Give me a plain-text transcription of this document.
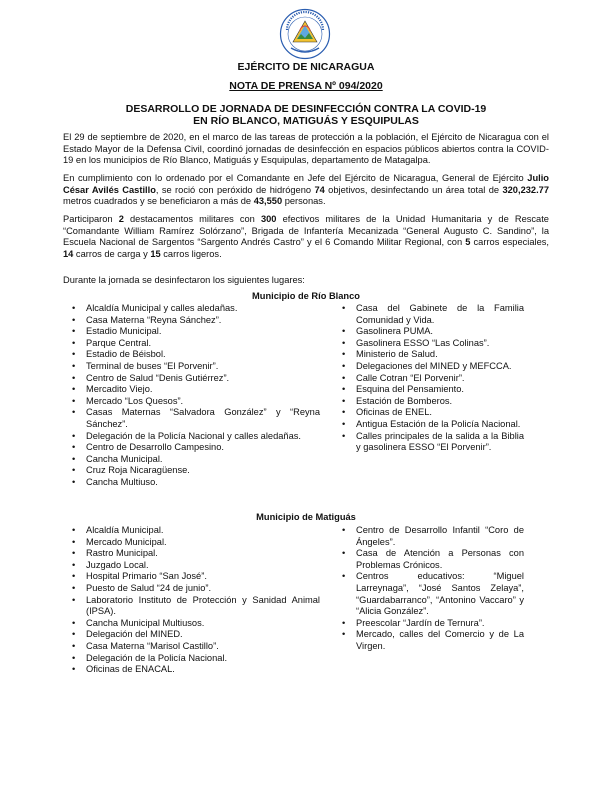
EJÉRCITO DE NICARAGUA
NOTA DE PRENSA Nº 094/2020
DESARROLLO DE JORNADA DE DESINFECCIÓN CONTRA LA COVID-19
EN RÍO BLANCO, MATIGUÁS Y ESQUIPULAS

El 29 de septiembre de 2020, en el marco de las tareas de protección a la población, el Ejército de Nicaragua con el Estado Mayor de la Defensa Civil, coordinó jornadas de desinfección en espacios públicos abiertos contra la COVID-19 en los municipios de Río Blanco, Matiguás y Esquipulas, departamento de Matagalpa.

En cumplimiento con lo ordenado por el Comandante en Jefe del Ejército de Nicaragua, General de Ejército Julio César Avilés Castillo, se roció con peróxido de hidrógeno 74 objetivos, desinfectando un área total de 320,232.77 metros cuadrados y se beneficiaron a más de 43,550 personas.

Participaron 2 destacamentos militares con 300 efectivos militares de la Unidad Humanitaria y de Rescate “Comandante William Ramírez Solórzano”, Brigada de Infantería Mecanizada “General Augusto C. Sandino”, la Escuela Nacional de Sargentos “Sargento Andrés Castro” y el 6 Comando Militar Regional, con 5 carros especiales, 14 carros de carga y 15 carros ligeros.

Durante la jornada se desinfectaron los siguientes lugares:

Municipio de Río Blanco
• Alcaldía Municipal y calles aledañas.
• Casa Materna “Reyna Sánchez”.
• Estadio Municipal.
• Parque Central.
• Estadio de Béisbol.
• Terminal de buses “El Porvenir”.
• Centro de Salud “Denis Gutiérrez”.
• Mercadito Viejo.
• Mercado “Los Quesos”.
• Casas Maternas “Salvadora González” y “Reyna Sánchez”.
• Delegación de la Policía Nacional y calles aledañas.
• Centro de Desarrollo Campesino.
• Cancha Municipal.
• Cruz Roja Nicaragüense.
• Cancha Multiuso.
• Casa del Gabinete de la Familia Comunidad y Vida.
• Gasolinera PUMA.
• Gasolinera ESSO “Las Colinas”.
• Ministerio de Salud.
• Delegaciones del MINED y MEFCCA.
• Calle Cotran “El Porvenir”.
• Esquina del Pensamiento.
• Estación de Bomberos.
• Oficinas de ENEL.
• Antigua Estación de la Policía Nacional.
• Calles principales de la salida a la Biblia y gasolinera ESSO “El Porvenir”.
Municipio de Matiguás
• Alcaldía Municipal.
• Mercado Municipal.
• Rastro Municipal.
• Juzgado Local.
• Hospital Primario “San José”.
• Puesto de Salud “24 de junio”.
• Laboratorio Instituto de Protección y Sanidad Animal (IPSA).
• Cancha Municipal Multiusos.
• Delegación del MINED.
• Casa Materna “Marisol Castillo”.
• Delegación de la Policía Nacional.
• Oficinas de ENACAL.
• Centro de Desarrollo Infantil “Coro de Ángeles”.
• Casa de Atención a Personas con Problemas Crónicos.
• Centros educativos: “Miguel Larreynaga”, “José Santos Zelaya”, “Guardabarranco”, “Antonino Vaccaro” y “Alicia González”.
• Preescolar “Jardín de Ternura”.
• Mercado, calles del Comercio y de La Virgen.
